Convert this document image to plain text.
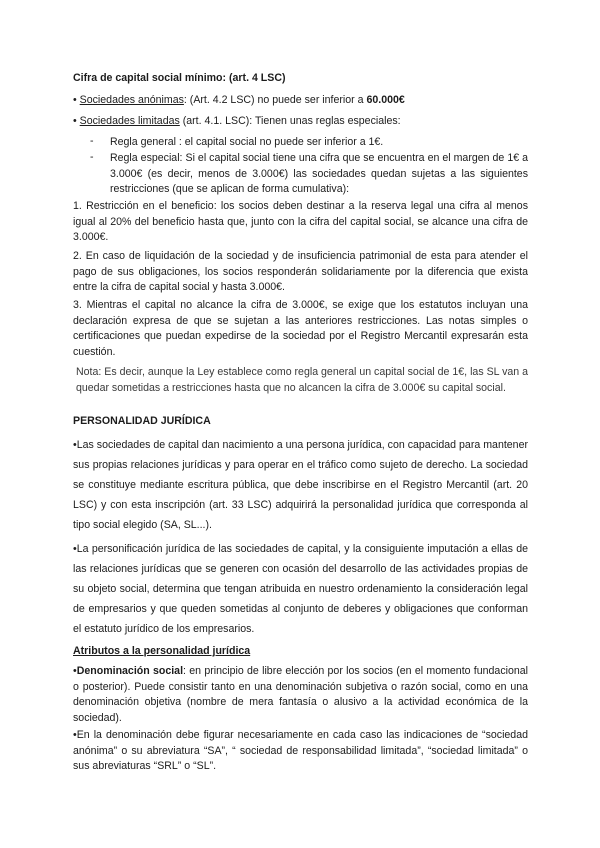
Cifra de capital social mínimo: (art. 4 LSC)

• Sociedades anónimas: (Art. 4.2 LSC) no puede ser inferior a 60.000€

• Sociedades limitadas (art. 4.1. LSC): Tienen unas reglas especiales:

- Regla general : el capital social no puede ser inferior a 1€.

- Regla especial: Si el capital social tiene una cifra que se encuentra en el margen de 1€ a 3.000€ (es decir, menos de 3.000€) las sociedades quedan sujetas a las siguientes restricciones (que se aplican de forma cumulativa):

1. Restricción en el beneficio: los socios deben destinar a la reserva legal una cifra al menos igual al 20% del beneficio hasta que, junto con la cifra del capital social, se alcance una cifra de 3.000€.

2. En caso de liquidación de la sociedad y de insuficiencia patrimonial de esta para atender el pago de sus obligaciones, los socios responderán solidariamente por la diferencia que exista entre la cifra de capital social y hasta 3.000€.

3. Mientras el capital no alcance la cifra de 3.000€, se exige que los estatutos incluyan una declaración expresa de que se sujetan a las anteriores restricciones. Las notas simples o certificaciones que puedan expedirse de la sociedad por el Registro Mercantil expresarán esta cuestión.

Nota: Es decir, aunque la Ley establece como regla general un capital social de 1€, las SL van a quedar sometidas a restricciones hasta que no alcancen la cifra de 3.000€ su capital social.

PERSONALIDAD JURÍDICA

•Las sociedades de capital dan nacimiento a una persona jurídica, con capacidad para mantener sus propias relaciones jurídicas y para operar en el tráfico como sujeto de derecho. La sociedad se constituye mediante escritura pública, que debe inscribirse en el Registro Mercantil (art. 20 LSC) y con esta inscripción (art. 33 LSC) adquirirá la personalidad jurídica que corresponda al tipo social elegido (SA, SL...).

•La personificación jurídica de las sociedades de capital, y la consiguiente imputación a ellas de las relaciones jurídicas que se generen con ocasión del desarrollo de las actividades propias de su objeto social, determina que tengan atribuida en nuestro ordenamiento la consideración legal de empresarios y que queden sometidas al conjunto de deberes y obligaciones que conforman el estatuto jurídico de los empresarios.

Atributos a la personalidad jurídica

•Denominación social: en principio de libre elección por los socios (en el momento fundacional o posterior). Puede consistir tanto en una denominación subjetiva o razón social, como en una denominación objetiva (nombre de mera fantasía o alusivo a la actividad económica de la sociedad).

•En la denominación debe figurar necesariamente en cada caso las indicaciones de “sociedad anónima” o su abreviatura “SA”, “ sociedad de responsabilidad limitada”, “sociedad limitada” o sus abreviaturas “SRL” o “SL”.
